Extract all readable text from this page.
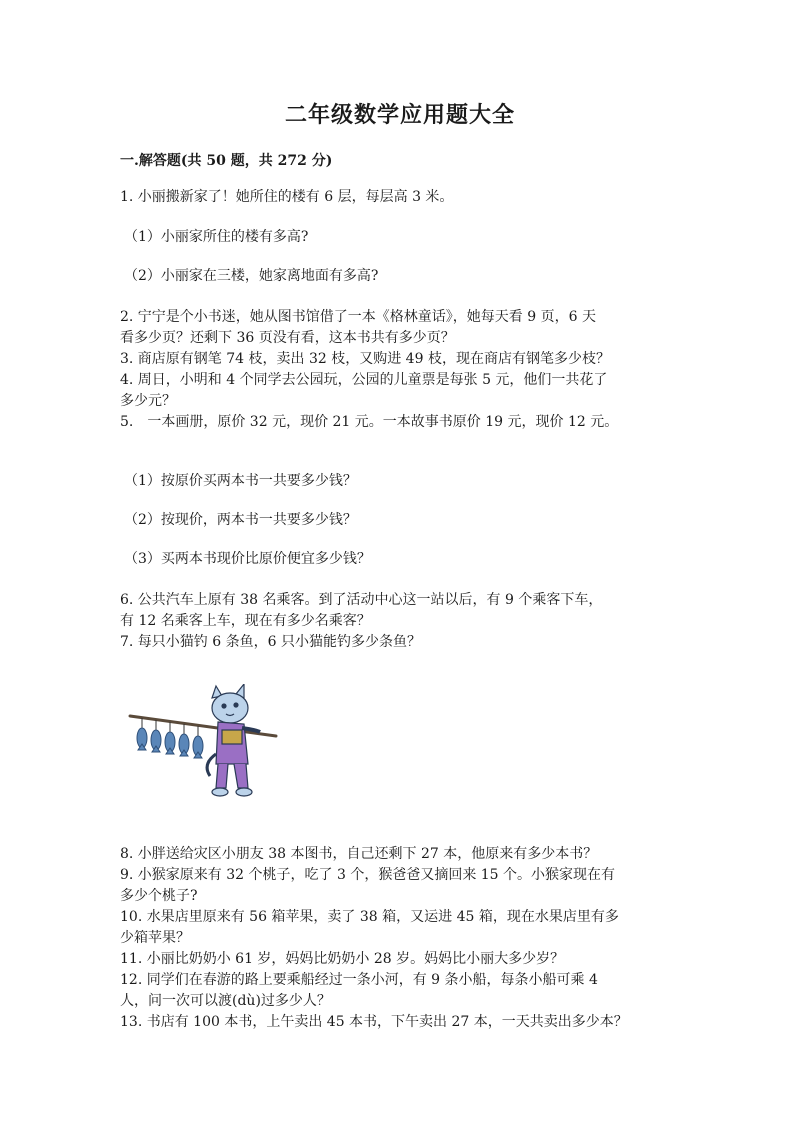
二年级数学应用题大全
一.解答题(共 50 题，共 272 分)
1. 小丽搬新家了！她所住的楼有 6 层，每层高 3 米。
（1）小丽家所住的楼有多高?
（2）小丽家在三楼，她家离地面有多高?
2. 宁宁是个小书迷，她从图书馆借了一本《格林童话》，她每天看 9 页，6 天
看多少页？还剩下 36 页没有看，这本书共有多少页？
3. 商店原有钢笔 74 枝，卖出 32 枝，又购进 49 枝，现在商店有钢笔多少枝？
4. 周日，小明和 4 个同学去公园玩，公园的儿童票是每张 5 元，他们一共花了
多少元？
5.　一本画册，原价 32 元，现价 21 元。一本故事书原价 19 元，现价 12 元。
（1）按原价买两本书一共要多少钱？
（2）按现价，两本书一共要多少钱？
（3）买两本书现价比原价便宜多少钱？
6. 公共汽车上原有 38 名乘客。到了活动中心这一站以后，有 9 个乘客下车，
有 12 名乘客上车，现在有多少名乘客？
7. 每只小猫钓 6 条鱼，6 只小猫能钓多少条鱼？
8. 小胖送给灾区小朋友 38 本图书，自己还剩下 27 本，他原来有多少本书？
9. 小猴家原来有 32 个桃子，吃了 3 个，猴爸爸又摘回来 15 个。小猴家现在有
多少个桃子?
10. 水果店里原来有 56 箱苹果，卖了 38 箱，又运进 45 箱，现在水果店里有多
少箱苹果？
11. 小丽比奶奶小 61 岁，妈妈比奶奶小 28 岁。妈妈比小丽大多少岁？
12. 同学们在春游的路上要乘船经过一条小河，有 9 条小船，每条小船可乘 4
人，问一次可以渡(dù)过多少人？
13. 书店有 100 本书，上午卖出 45 本书，下午卖出 27 本，一天共卖出多少本？
